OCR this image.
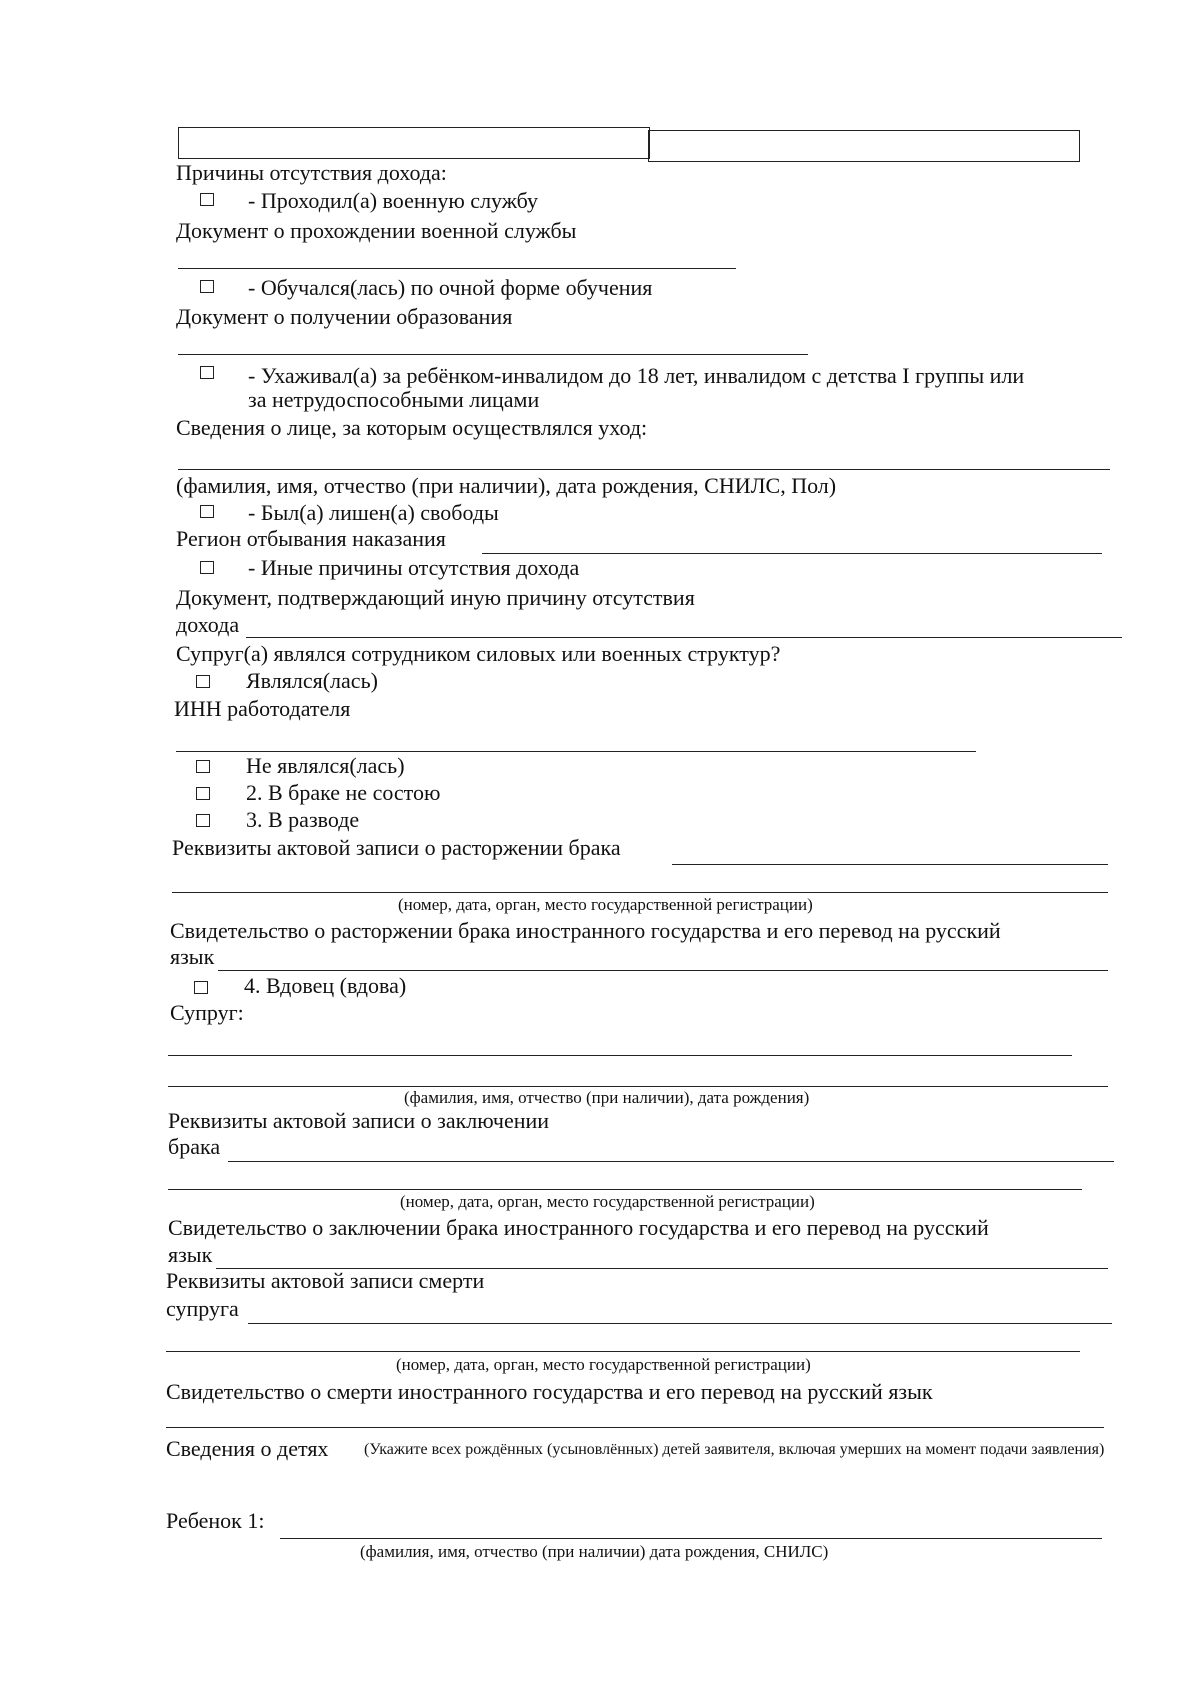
Причины отсутствия дохода:
- Проходил(а) военную службу
Документ о прохождении военной службы
- Обучался(лась) по очной форме обучения
Документ о получении образования
- Ухаживал(а) за ребёнком-инвалидом до 18 лет, инвалидом с детства I группы или
за нетрудоспособными лицами
Сведения о лице, за которым осуществлялся уход:
(фамилия, имя, отчество (при наличии), дата рождения, СНИЛС, Пол)
- Был(а) лишен(а) свободы
Регион отбывания наказания
- Иные причины отсутствия дохода
Документ, подтверждающий иную причину отсутствия
дохода
Супруг(а) являлся сотрудником силовых или военных структур?
Являлся(лась)
ИНН работодателя
Не являлся(лась)
2. В браке не состою
3. В разводе
Реквизиты актовой записи о расторжении брака
(номер, дата, орган, место государственной регистрации)
Свидетельство о расторжении брака иностранного государства и его перевод на русский
язык
4. Вдовец (вдова)
Супруг:
(фамилия, имя, отчество (при наличии), дата рождения)
Реквизиты актовой записи о заключении
брака
(номер, дата, орган, место государственной регистрации)
Свидетельство о заключении брака иностранного государства и его перевод на русский
язык
Реквизиты актовой записи смерти
супруга
(номер, дата, орган, место государственной регистрации)
Свидетельство о смерти иностранного государства и его перевод на русский язык
Сведения о детях	(Укажите всех рождённых (усыновлённых) детей заявителя, включая умерших на момент подачи заявления)
Ребенок 1:
(фамилия, имя, отчество (при наличии) дата рождения, СНИЛС)
